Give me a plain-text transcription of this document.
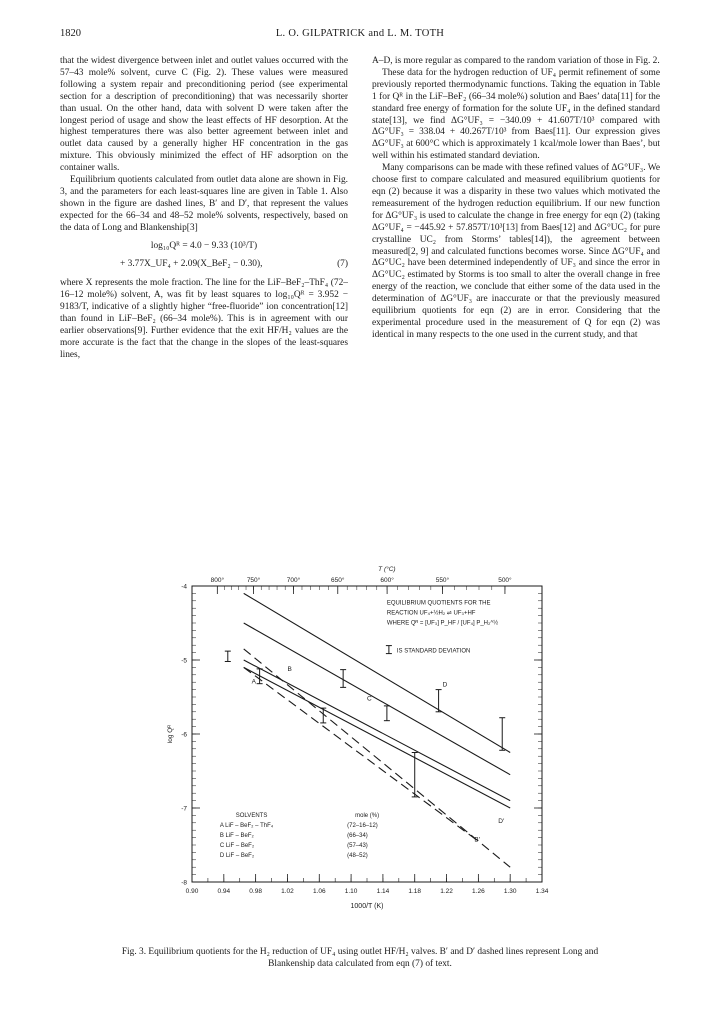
1820	L. O. GILPATRICK and L. M. TOTH

that the widest divergence between inlet and outlet values occurred with the 57–43 mole% solvent, curve C (Fig. 2). These values were measured following a system repair and preconditioning period (see experimental section for a description of preconditioning) that was necessarily shorter than usual. On the other hand, data with solvent D were taken after the longest period of usage and show the least effects of HF desorption. At the highest temperatures there was also better agreement between inlet and outlet data caused by a generally higher HF concentration in the gas mixture. This obviously minimized the effect of HF adsorption on the container walls.

Equilibrium quotients calculated from outlet data alone are shown in Fig. 3, and the parameters for each least-squares line are given in Table 1. Also shown in the figure are dashed lines, B′ and D′, that represent the values expected for the 66–34 and 48–52 mole% solvents, respectively, based on the data of Long and Blankenship[3]

log₁₀Qᴿ = 4.0 − 9.33 (10³/T)
+ 3.77X_UF₄ + 2.09(X_BeF₂ − 0.30),	(7)

where X represents the mole fraction. The line for the LiF–BeF₂–ThF₄ (72–16–12 mole%) solvent, A, was fit by least squares to log₁₀Qᴿ = 3.952 − 9183/T, indicative of a slightly higher “free-fluoride” ion concentration[12] than found in LiF–BeF₂ (66–34 mole%). This is in agreement with our earlier observations[9]. Further evidence that the exit HF/H₂ values are the more accurate is the fact that the change in the slopes of the least-squares lines,

A–D, is more regular as compared to the random variation of those in Fig. 2.

These data for the hydrogen reduction of UF₄ permit refinement of some previously reported thermodynamic functions. Taking the equation in Table 1 for Qᴿ in the LiF–BeF₂ (66–34 mole%) solution and Baes’ data[11] for the standard free energy of formation for the solute UF₄ in the defined standard state[13], we find ΔG°UF₃ = −340.09 + 41.607T/10³ compared with ΔG°UF₃ = 338.04 + 40.267T/10³ from Baes[11]. Our expression gives ΔG°UF₃ at 600°C which is approximately 1 kcal/mole lower than Baes’, but well within his estimated standard deviation.

Many comparisons can be made with these refined values of ΔG°UF₃. We choose first to compare calculated and measured equilibrium quotients for eqn (2) because it was a disparity in these two values which motivated the remeasurement of the hydrogen reduction equilibrium. If our new function for ΔG°UF₃ is used to calculate the change in free energy for eqn (2) (taking ΔG°UF₄ = −445.92 + 57.857T/10³[13] from Baes[12] and ΔG°UC₂ for pure crystalline UC₂ from Storms’ tables[14]), the agreement between measured[2, 9] and calculated functions becomes worse. Since ΔG°UF₄ and ΔG°UC₂ have been determined independently of UF₃ and since the error in ΔG°UC₂ estimated by Storms is too small to alter the overall change in free energy of the reaction, we conclude that either some of the data used in the determination of ΔG°UF₃ are inaccurate or that the previously measured equilibrium quotients for eqn (2) are in error. Considering that the experimental procedure used in the measurement of Q for eqn (2) was identical in many respects to the one used in the current study, and that

0.90	0.94	0.98	1.02	1.06	1.10	1.14	1.18	1.22	1.26	1.30	1.34
-4
-5
-6
-7
-8
800°	750°	700°	650°	600°	550°	500°
T (°C)
1000/T (K)
log Qᴿ
A
B
C
D
B′
D′
EQUILIBRIUM QUOTIENTS FOR THE
REACTION UF₄+½H₂ ⇌ UF₃+HF
WHERE Qᴿ = [UF₃] P_HF / [UF₄] P_H₂^½
IS STANDARD DEVIATION
SOLVENTS	mole (%)
A LiF – BeF₂ – ThF₄	(72–16–12)
B LiF – BeF₂	(66–34)
C LiF – BeF₂	(57–43)
D LiF – BeF₂	(48–52)
Fig. 3. Equilibrium quotients for the H₂ reduction of UF₄ using outlet HF/H₂ valves. B′ and D′ dashed lines represent Long and Blankenship data calculated from eqn (7) of text.
